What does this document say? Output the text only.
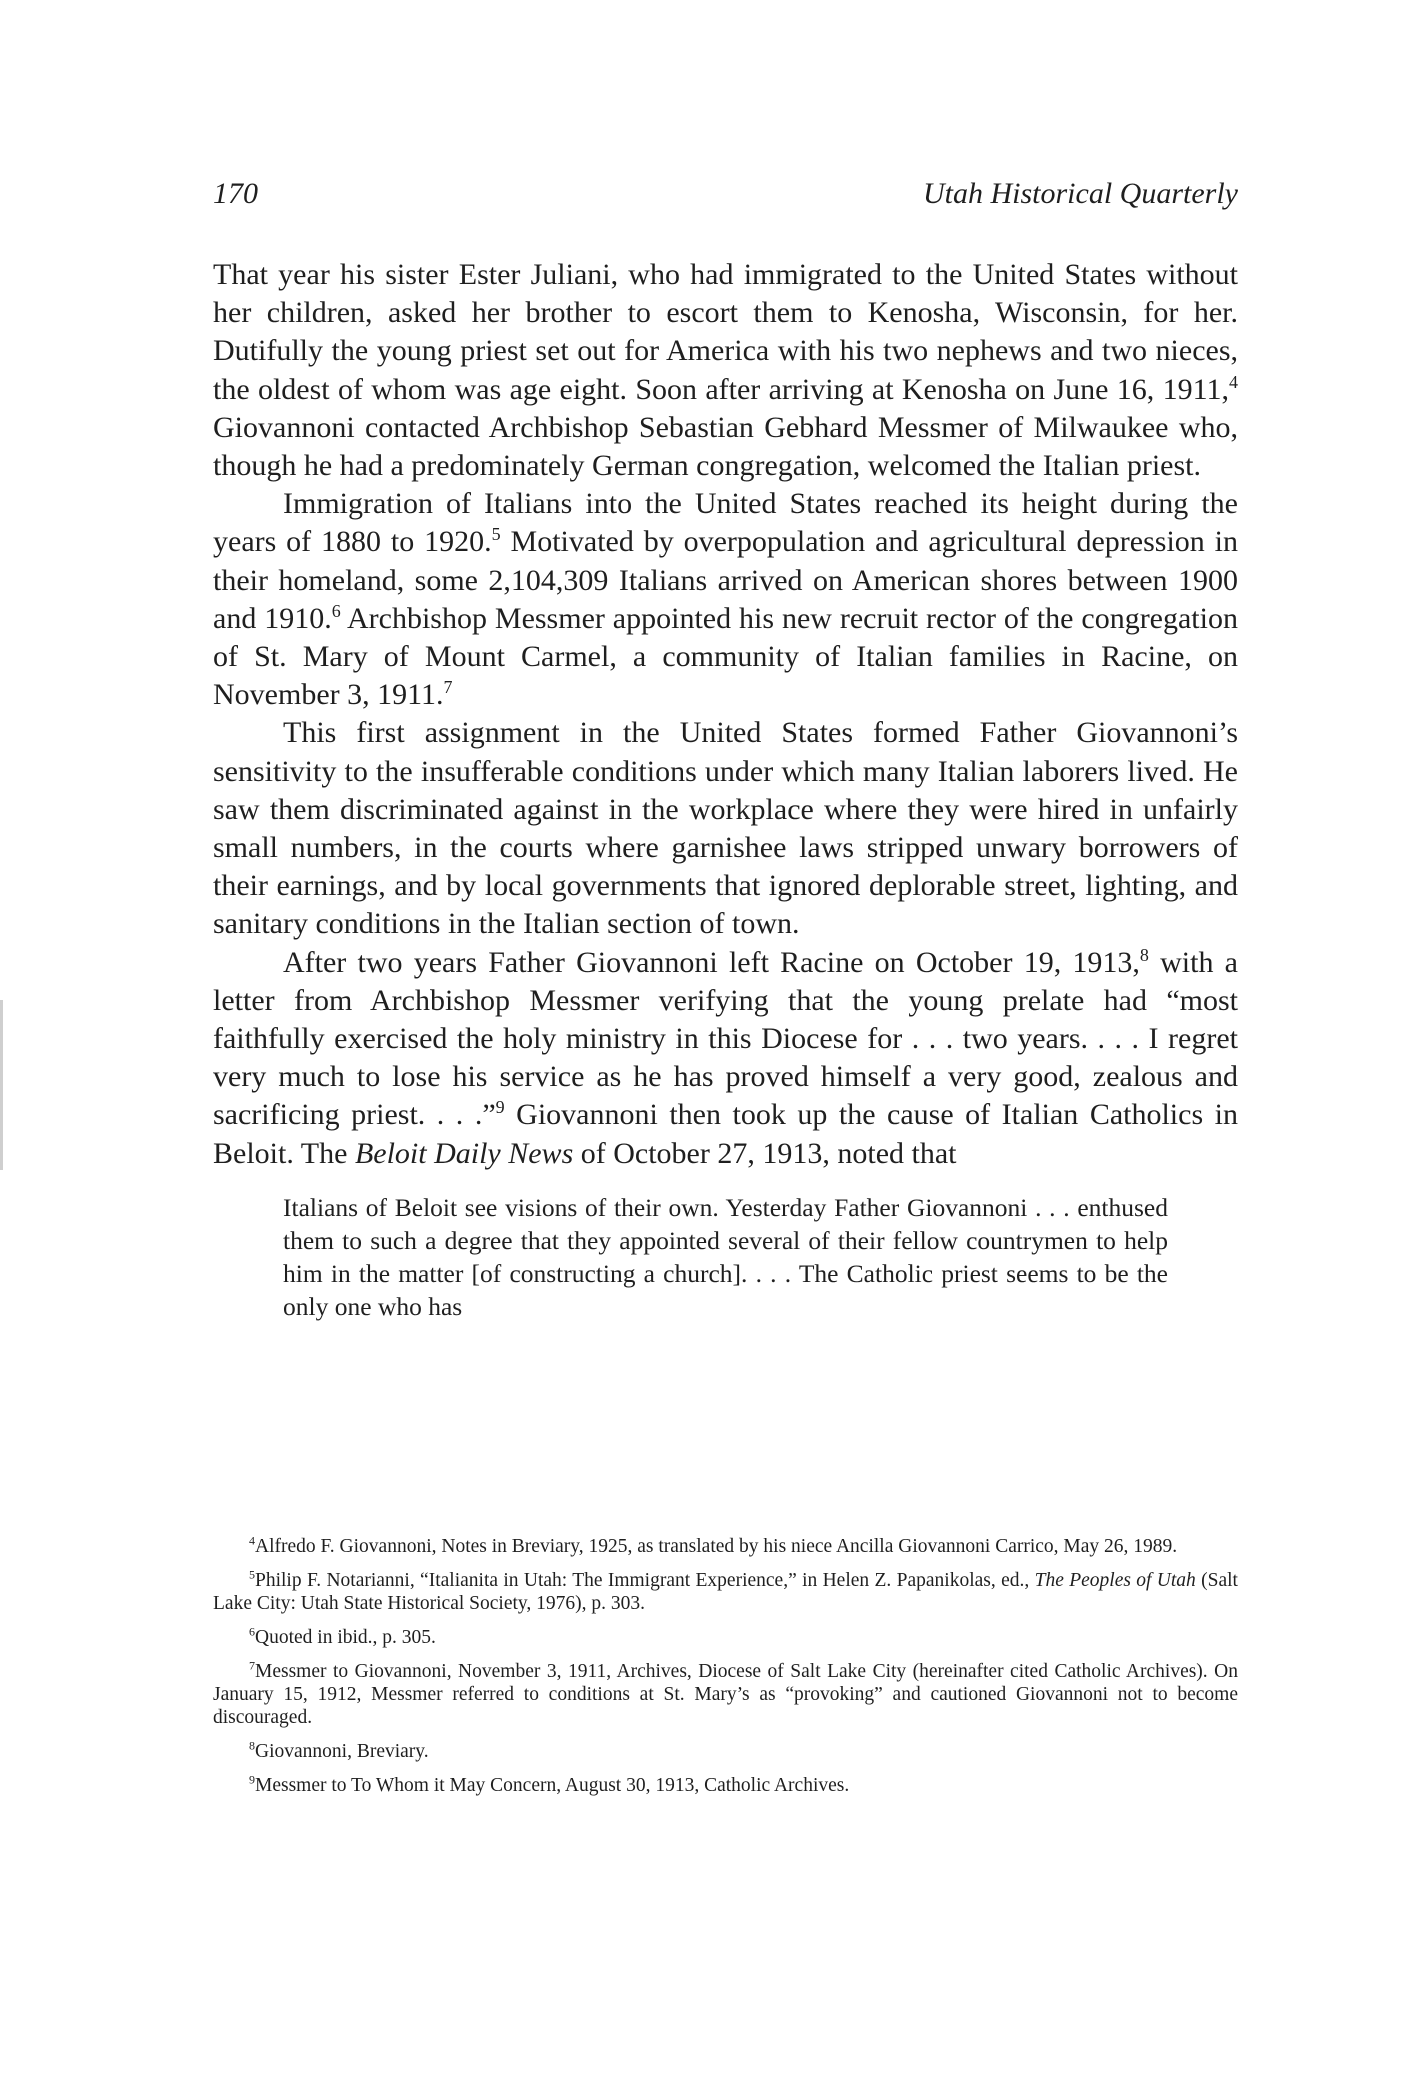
170	Utah Historical Quarterly

That year his sister Ester Juliani, who had immigrated to the United States without her children, asked her brother to escort them to Kenosha, Wisconsin, for her. Dutifully the young priest set out for America with his two nephews and two nieces, the oldest of whom was age eight. Soon after arriving at Kenosha on June 16, 1911,$^4$ Giovannoni contacted Archbishop Sebastian Gebhard Messmer of Milwaukee who, though he had a predominately German congregation, welcomed the Italian priest.

Immigration of Italians into the United States reached its height during the years of 1880 to 1920.$^5$ Motivated by overpopulation and agricultural depression in their homeland, some 2,104,309 Italians arrived on American shores between 1900 and 1910.$^6$ Archbishop Messmer appointed his new recruit rector of the congregation of St. Mary of Mount Carmel, a community of Italian families in Racine, on November 3, 1911.$^7$

This first assignment in the United States formed Father Giovannoni’s sensitivity to the insufferable conditions under which many Italian laborers lived. He saw them discriminated against in the workplace where they were hired in unfairly small numbers, in the courts where garnishee laws stripped unwary borrowers of their earnings, and by local governments that ignored deplorable street, lighting, and sanitary conditions in the Italian section of town.

After two years Father Giovannoni left Racine on October 19, 1913,$^8$ with a letter from Archbishop Messmer verifying that the young prelate had “most faithfully exercised the holy ministry in this Diocese for . . . two years. . . . I regret very much to lose his service as he has proved himself a very good, zealous and sacrificing priest. . . .”$^9$ Giovannoni then took up the cause of Italian Catholics in Beloit. The Beloit Daily News of October 27, 1913, noted that

Italians of Beloit see visions of their own. Yesterday Father Giovannoni . . . enthused them to such a degree that they appointed several of their fellow countrymen to help him in the matter [of constructing a church]. . . . The Catholic priest seems to be the only one who has

$^4$Alfredo F. Giovannoni, Notes in Breviary, 1925, as translated by his niece Ancilla Giovannoni Carrico, May 26, 1989.

$^5$Philip F. Notarianni, “Italianita in Utah: The Immigrant Experience,” in Helen Z. Papanikolas, ed., The Peoples of Utah (Salt Lake City: Utah State Historical Society, 1976), p. 303.

$^6$Quoted in ibid., p. 305.

$^7$Messmer to Giovannoni, November 3, 1911, Archives, Diocese of Salt Lake City (hereinafter cited Catholic Archives). On January 15, 1912, Messmer referred to conditions at St. Mary’s as “provoking” and cautioned Giovannoni not to become discouraged.

$^8$Giovannoni, Breviary.

$^9$Messmer to To Whom it May Concern, August 30, 1913, Catholic Archives.
